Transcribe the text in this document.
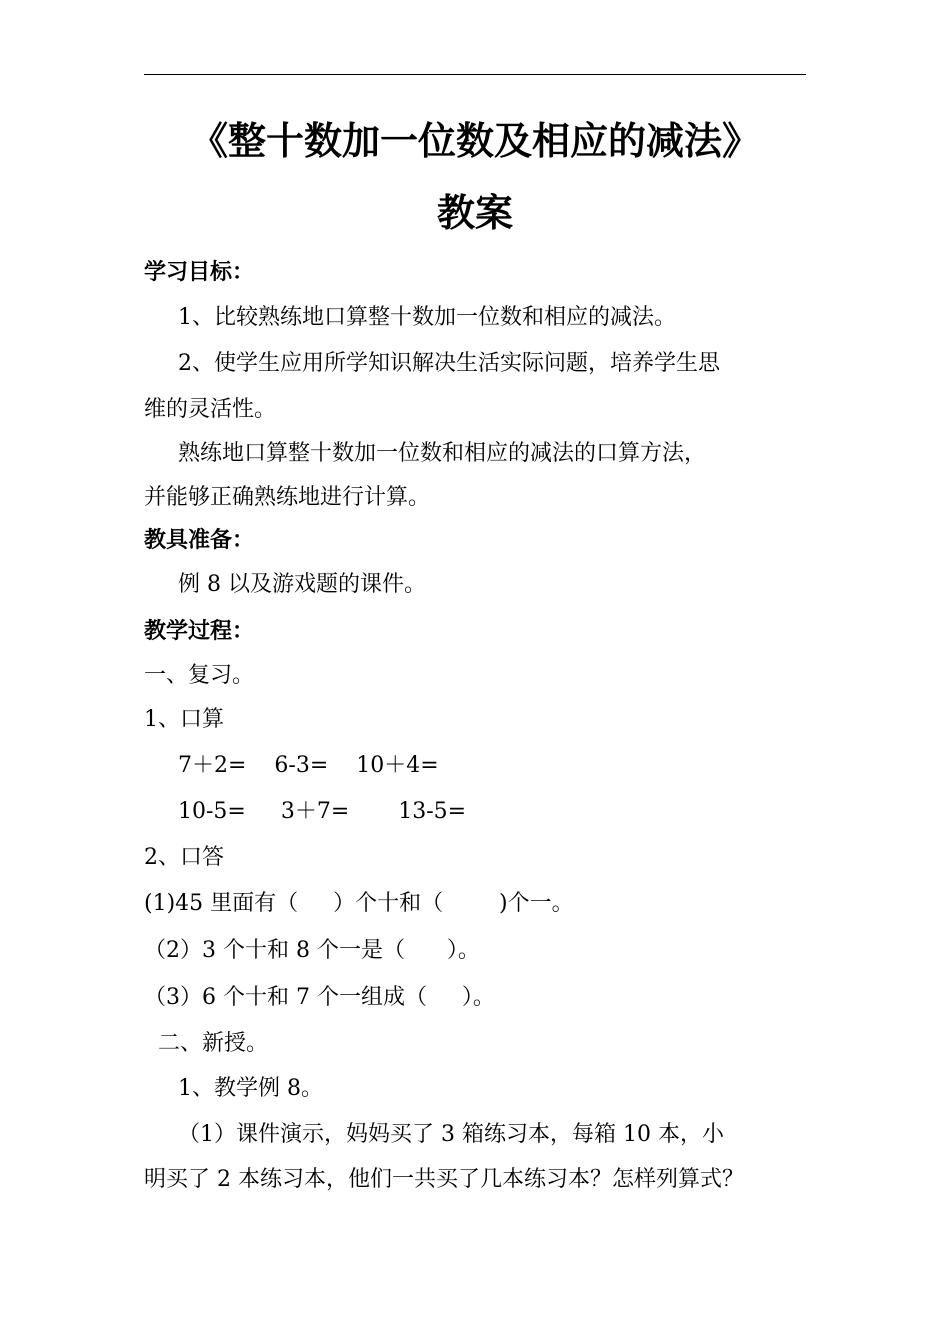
《整十数加一位数及相应的减法》
教案
学习目标：
1、比较熟练地口算整十数加一位数和相应的减法。
2、使学生应用所学知识解决生活实际问题，培养学生思
维的灵活性。
熟练地口算整十数加一位数和相应的减法的口算方法，
并能够正确熟练地进行计算。
教具准备：
例 8 以及游戏题的课件。
教学过程：
一、复习。
1、口算
7＋2=    6-3=    10＋4=
10-5=     3＋7=       13-5=
2、口答
(1)45 里面有（     ）个十和（        )个一。
（2）3 个十和 8 个一是（      ）。
（3）6 个十和 7 个一组成（     ）。
二、新授。
1、教学例 8。
（1）课件演示，妈妈买了 3 箱练习本，每箱 10 本，小
明买了 2 本练习本，他们一共买了几本练习本？怎样列算式？
